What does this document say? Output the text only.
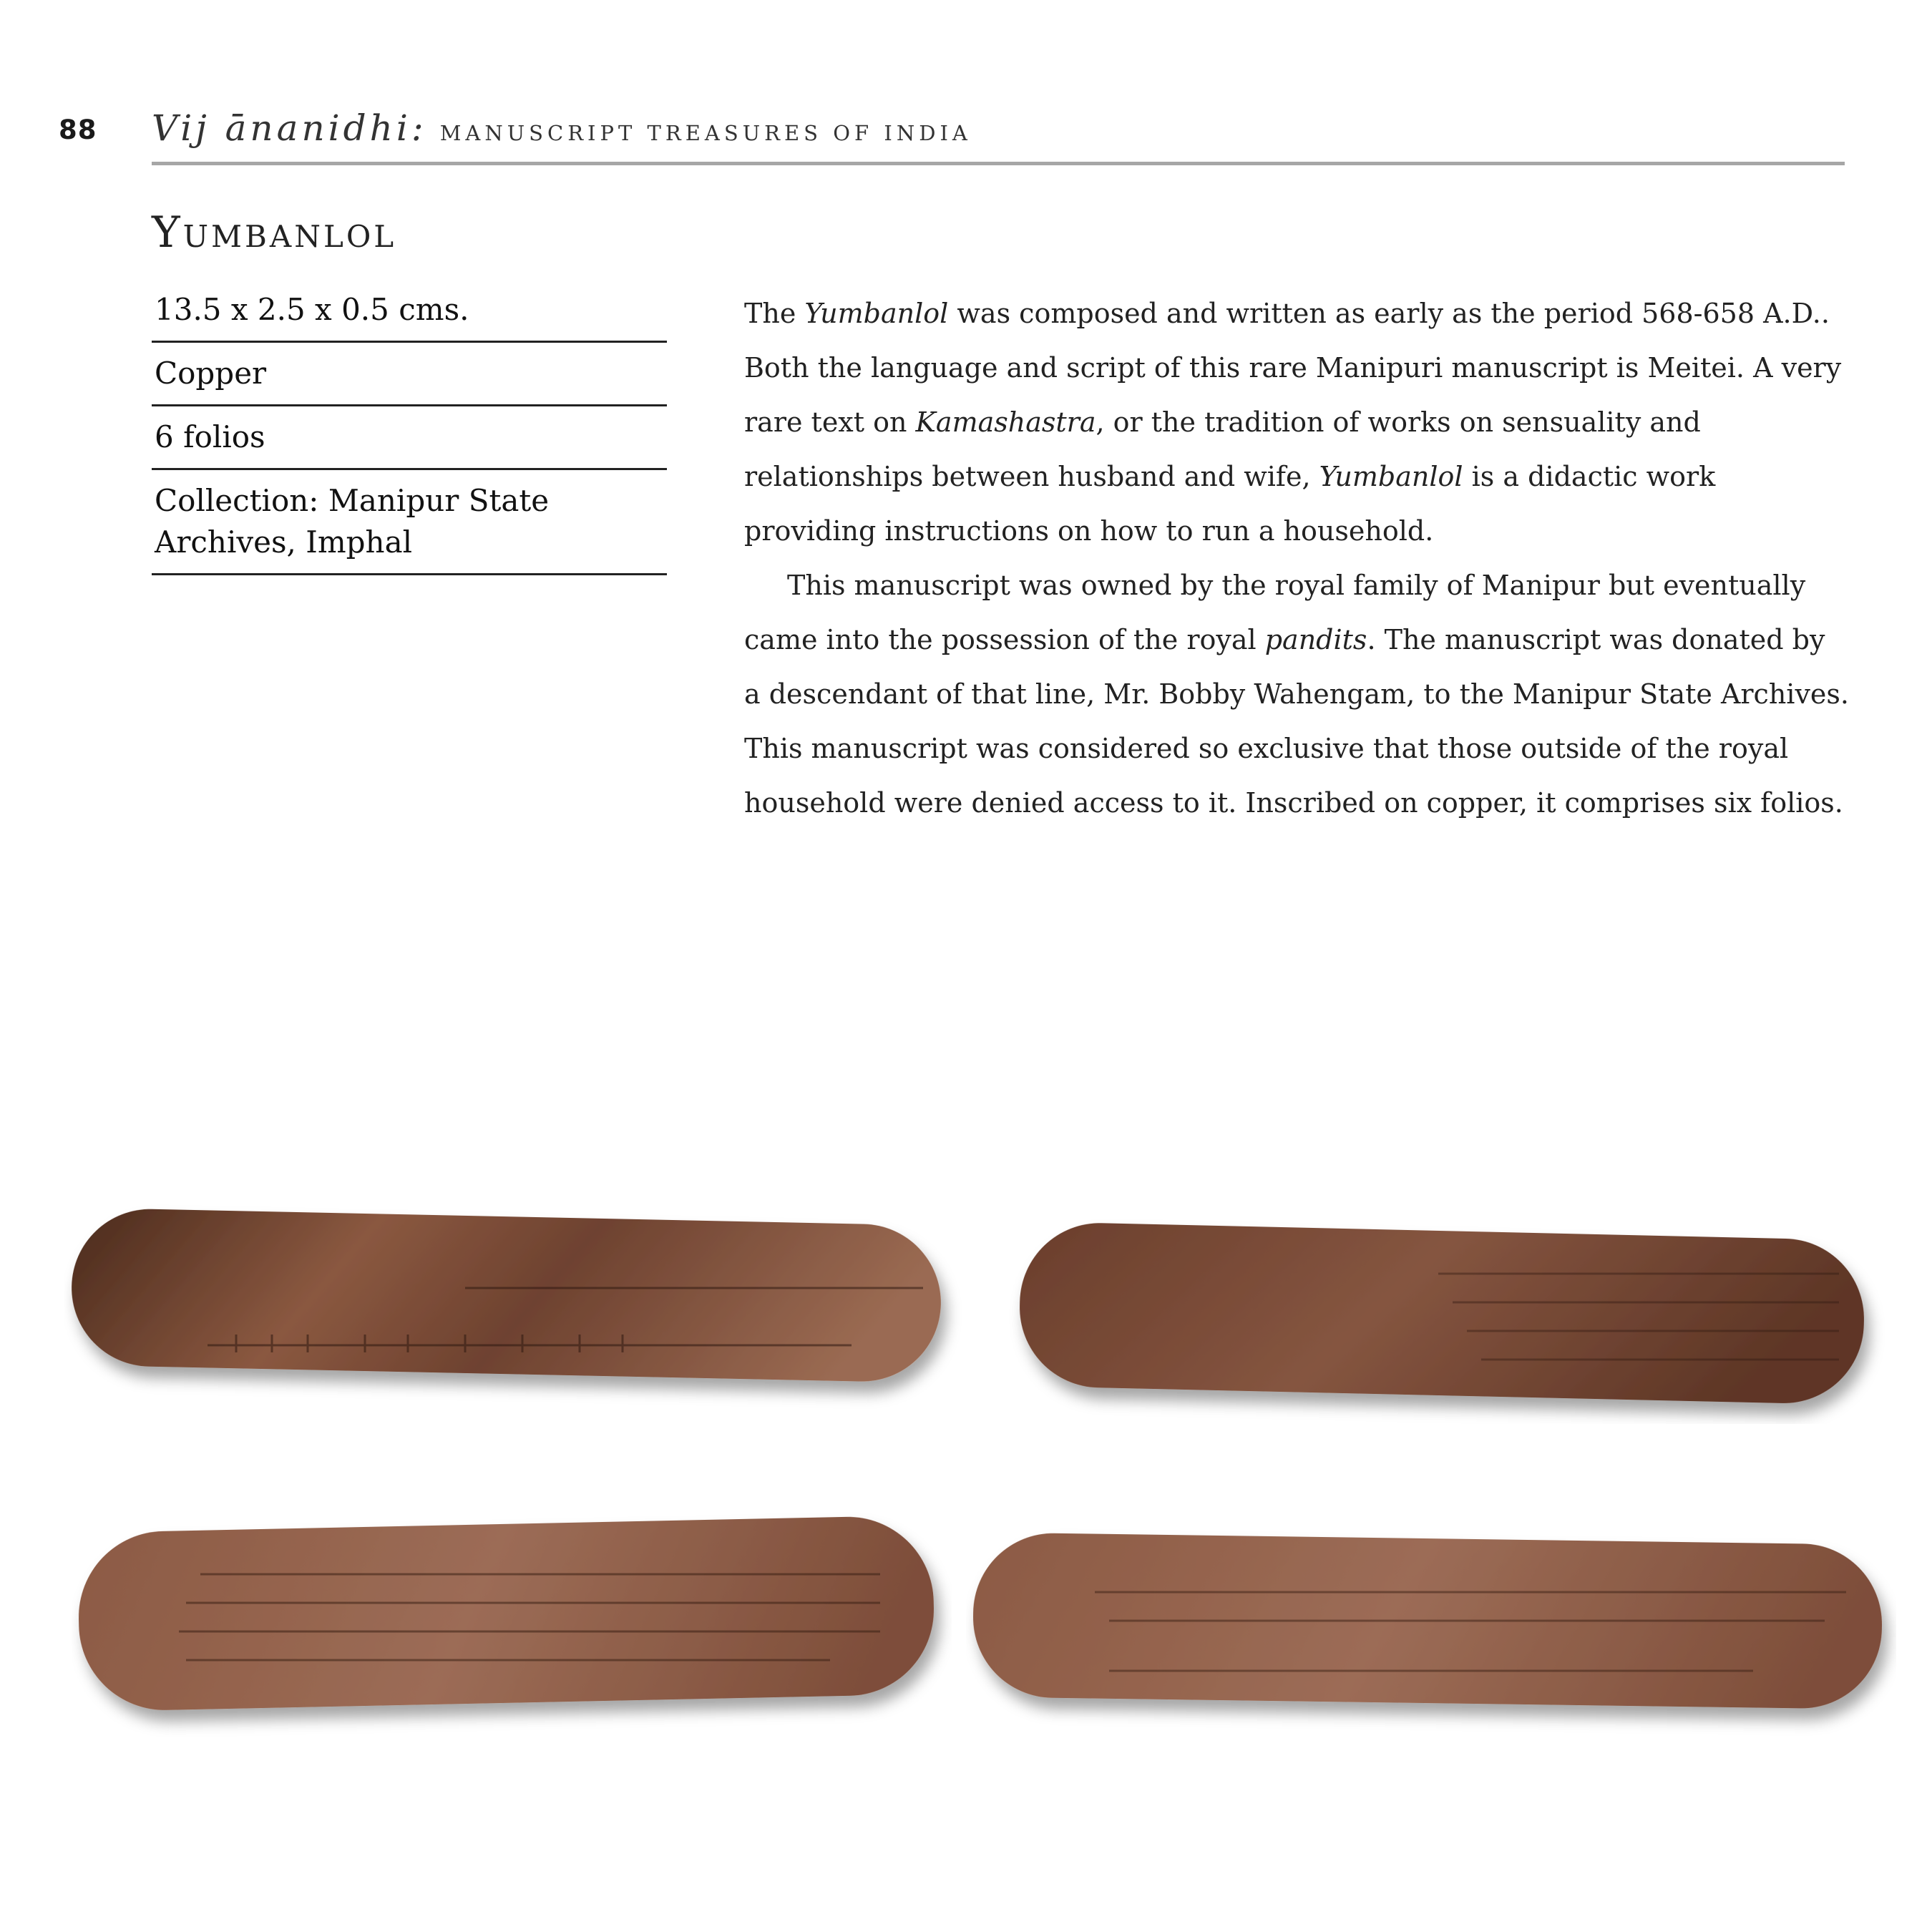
88 Vij ānanidhi: MANUSCRIPT TREASURES OF INDIA
Yumbanlol
13.5 x 2.5 x 0.5 cms.
Copper
6 folios
Collection: Manipur State Archives, Imphal

The Yumbanlol was composed and written as early as the period 568-658 A.D.. Both the language and script of this rare Manipuri manuscript is Meitei. A very rare text on Kamashastra, or the tradition of works on sensuality and relationships between husband and wife, Yumbanlol is a didactic work providing instructions on how to run a household.

This manuscript was owned by the royal family of Manipur but eventually came into the possession of the royal pandits. The manuscript was donated by a descendant of that line, Mr. Bobby Wahengam, to the Manipur State Archives. This manuscript was considered so exclusive that those outside of the royal household were denied access to it. Inscribed on copper, it comprises six folios.
